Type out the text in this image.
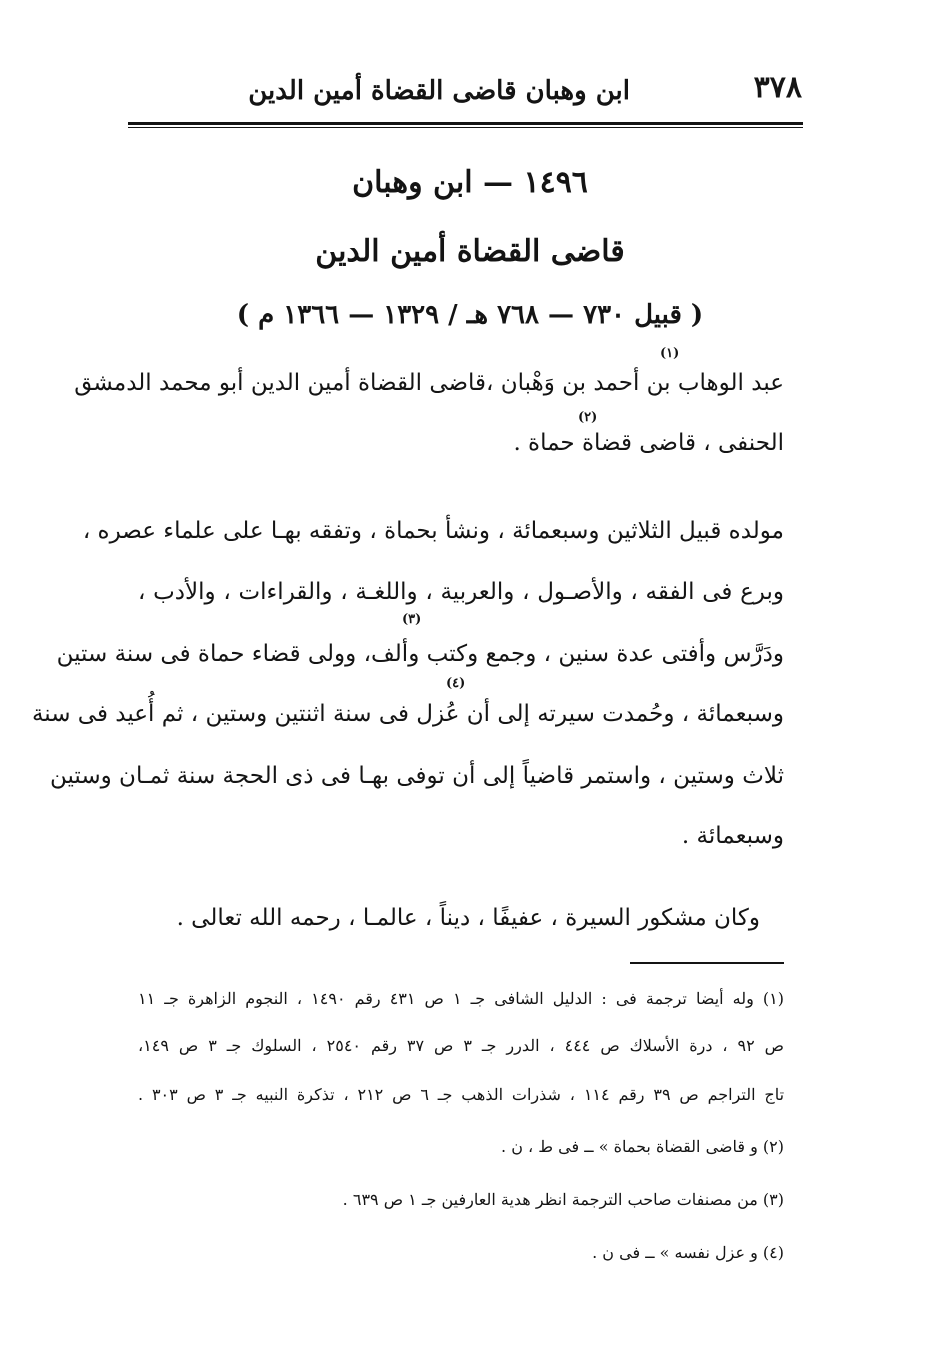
٣٧٨
ابن وهبان قاضى القضاة أمين الدين
١٤٩٦ — ابن وهبان
قاضى القضاة أمين الدين
( قبيل ٧٣٠ — ٧٦٨ هـ / ١٣٢٩ — ١٣٦٦ م )
(١)
عبد الوهاب بن أحمد بن وَهْبان ،قاضى القضاة أمين الدين أبو محمد الدمشق
(٢)
الحنفى ، قاضى قضاة حماة .
مولده قبيل الثلاثين وسبعمائة ، ونشأ بحماة ، وتفقه بهـا على علماء عصره ،
وبرع فى الفقه ، والأصـول ، والعربية ، واللغـة ، والقراءات ، والأدب ،
(٣)
ودَرَّس وأفتى عدة سنين ، وجمع وكتب وألف، وولى قضاء حماة فى سنة ستين
(٤)
وسبعمائة ، وحُمدت سيرته إلى أن عُزل فى سنة اثنتين وستين ، ثم أُعيد فى سنة
ثلاث وستين ، واستمر قاضياً إلى أن توفى بهـا فى ذى الحجة سنة ثمـان وستين
وسبعمائة .
وكان مشكور السيرة ، عفيفًا ، ديناً ، عالمـا ، رحمه الله تعالى .
(١) وله أيضا ترجمة فى : الدليل الشافى جـ ١ ص ٤٣١ رقم ١٤٩٠ ، النجوم الزاهرة جـ ١١
ص ٩٢ ، درة الأسلاك ص ٤٤٤ ، الدرر جـ ٣ ص ٣٧ رقم ٢٥٤٠ ، السلوك جـ ٣ ص ١٤٩،
تاج التراجم ص ٣٩ رقم ١١٤ ، شذرات الذهب جـ ٦ ص ٢١٢ ، تذكرة النبيه جـ ٣ ص ٣٠٣ .
(٢) و قاضى القضاة بحماة » ــ فى ط ، ن .
(٣) من مصنفات صاحب الترجمة انظر هدية العارفين جـ ١ ص ٦٣٩ .
(٤) و عزل نفسه » ــ فى ن .
